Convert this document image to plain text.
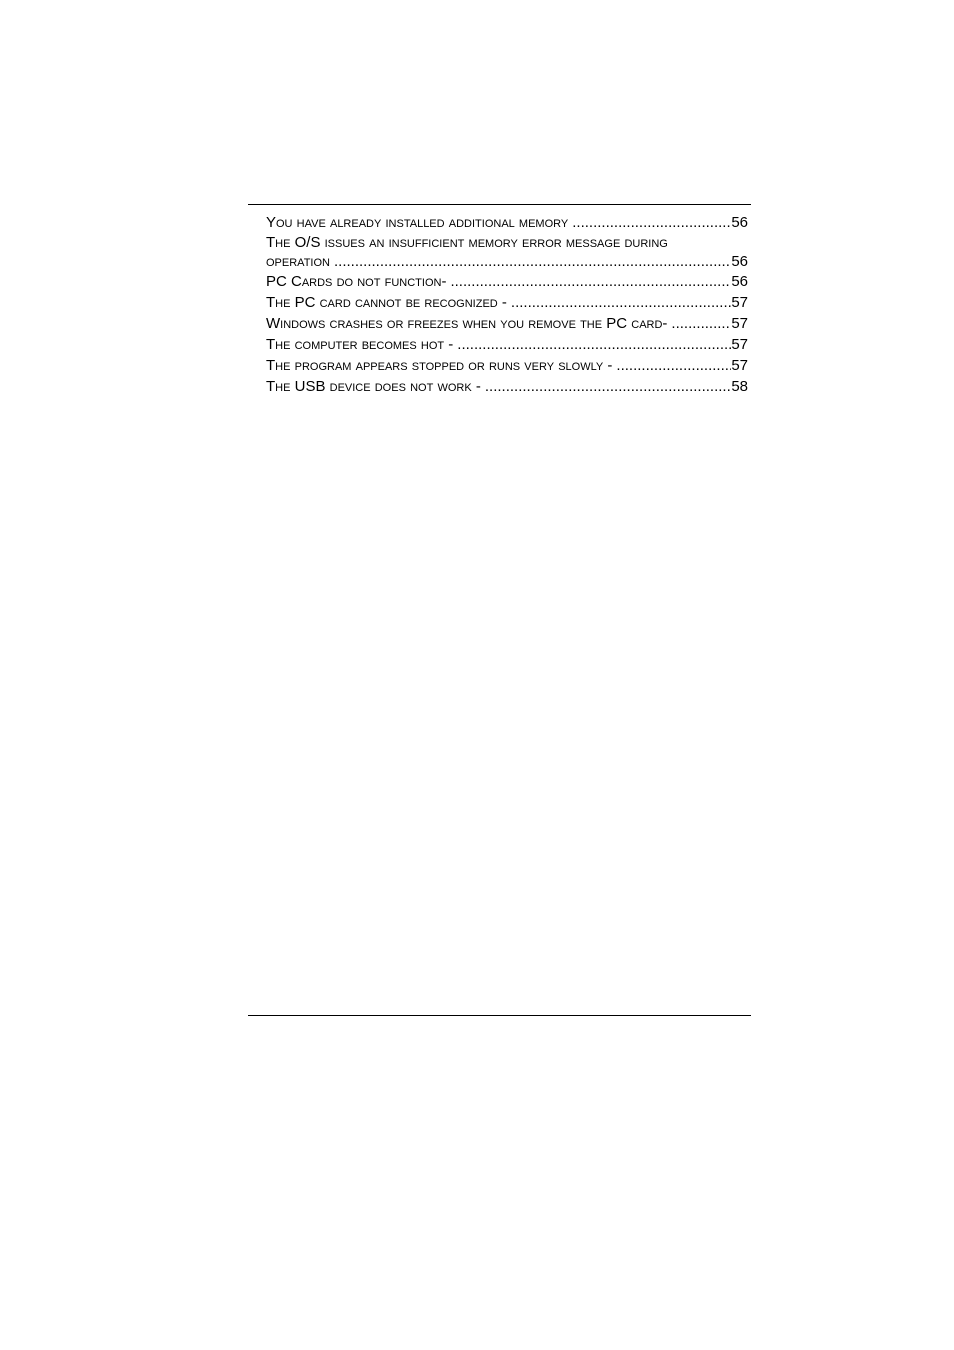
You have already installed additional memory .....	56
The O/S issues an insufficient memory error message during
operation .....	56
PC Cards do not function- .....	56
The PC card cannot be recognized - .....	57
Windows crashes or freezes when you remove the PC card- .....	57
The computer becomes hot - .....	57
The program appears stopped or runs very slowly - .....	57
The USB device does not work - .....	58
